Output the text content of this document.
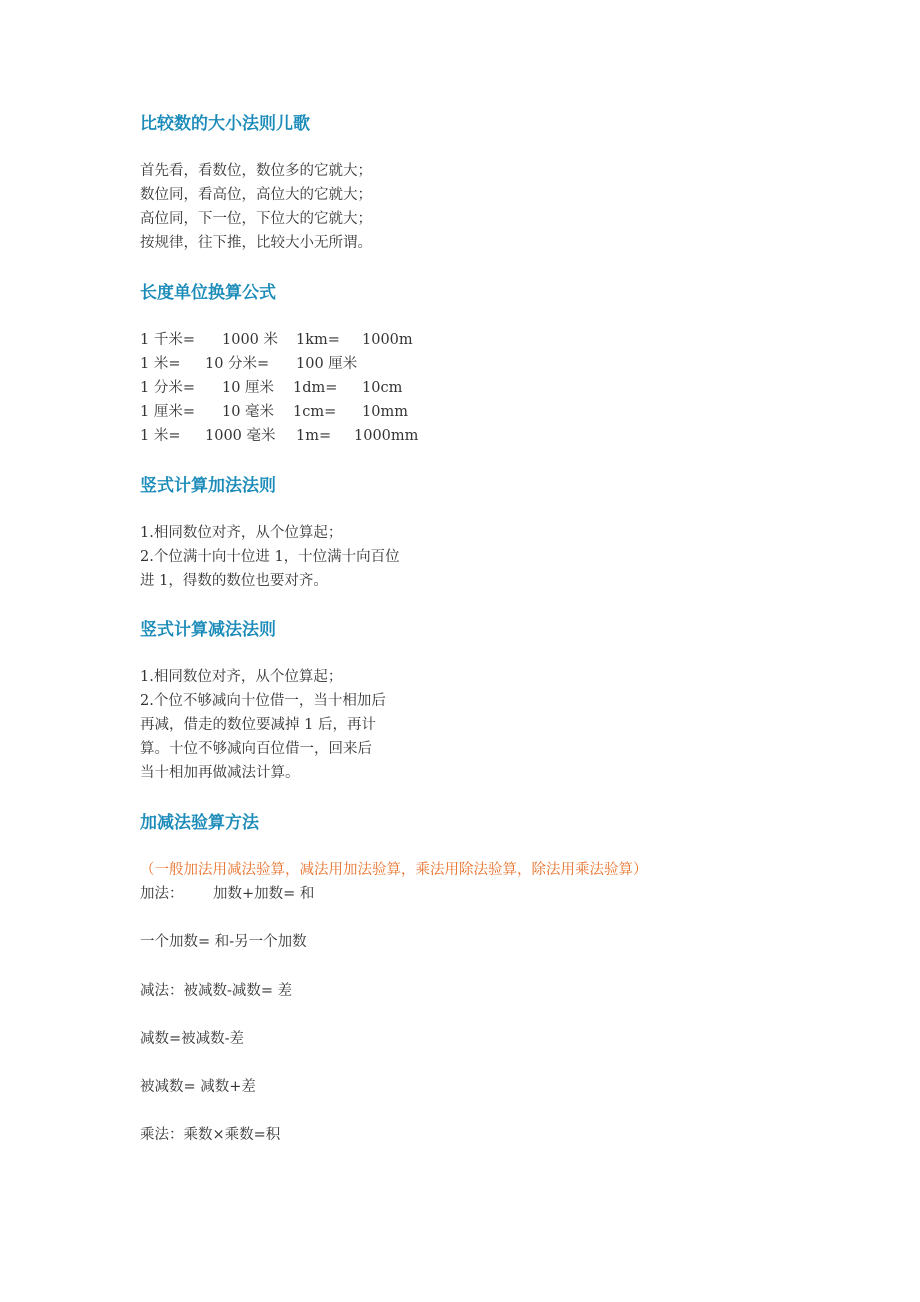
比较数的大小法则儿歌
首先看，看数位，数位多的它就大；
数位同，看高位，高位大的它就大；
高位同，下一位，下位大的它就大；
按规律，往下推，比较大小无所谓。
长度单位换算公式
1 千米= 1000 米 1km= 1000m
1 米= 10 分米= 100 厘米
1 分米= 10 厘米 1dm= 10cm
1 厘米= 10 毫米 1cm= 10mm
1 米= 1000 毫米 1m= 1000mm
竖式计算加法法则
1.相同数位对齐，从个位算起；
2.个位满十向十位进 1，十位满十向百位
进 1，得数的数位也要对齐。
竖式计算减法法则
1.相同数位对齐，从个位算起；
2.个位不够减向十位借一，当十相加后
再减，借走的数位要减掉 1 后，再计
算。十位不够减向百位借一，回来后
当十相加再做减法计算。
加减法验算方法
（一般加法用减法验算，减法用加法验算，乘法用除法验算，除法用乘法验算）
加法： 加数+加数= 和
一个加数= 和-另一个加数
减法：被减数-减数= 差
减数=被减数-差
被减数= 减数+差
乘法：乘数×乘数=积
